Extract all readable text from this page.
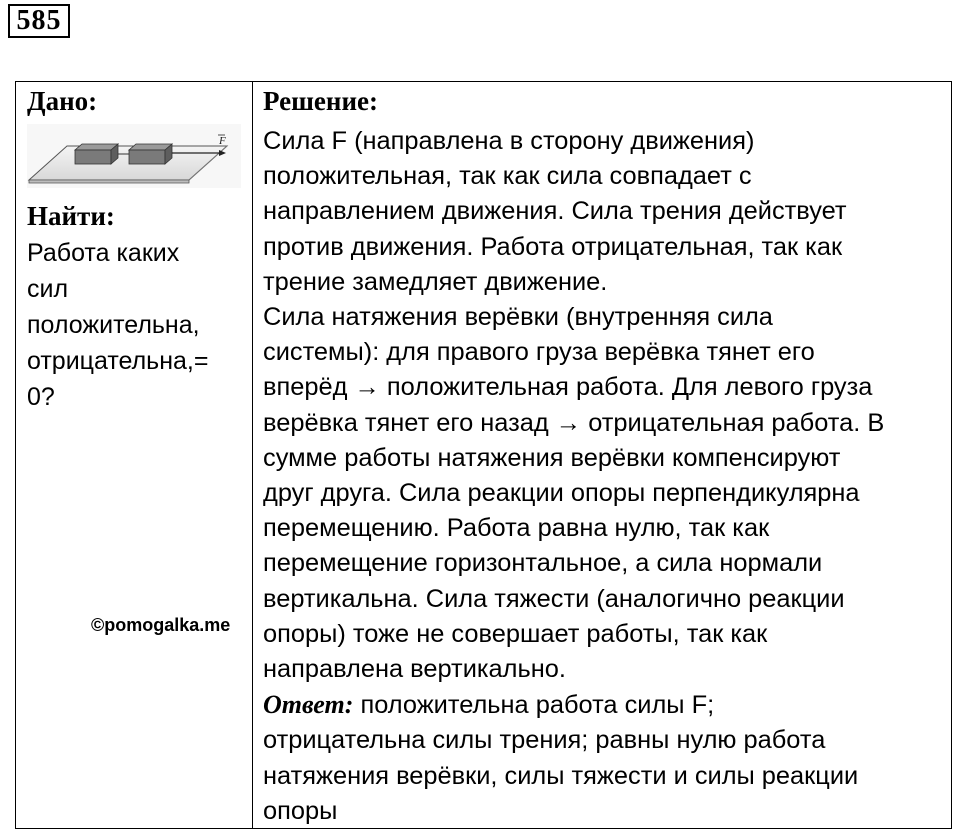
585
Дано:
F
Найти:
Работа каких
сил
положительна,
отрицательна,=
0?
Решение:
Сила F (направлена в сторону движения)
положительная, так как сила совпадает с
направлением движения. Сила трения действует
против движения. Работа отрицательная, так как
трение замедляет движение.
Сила натяжения верёвки (внутренняя сила
системы): для правого груза верёвка тянет его
вперёд → положительная работа. Для левого груза
верёвка тянет его назад → отрицательная работа. В
сумме работы натяжения верёвки компенсируют
друг друга. Сила реакции опоры перпендикулярна
перемещению. Работа равна нулю, так как
перемещение горизонтальное, а сила нормали
вертикальна. Сила тяжести (аналогично реакции
опоры) тоже не совершает работы, так как
направлена вертикально.
Ответ: положительна работа силы F;
отрицательна силы трения; равны нулю работа
натяжения верёвки, силы тяжести и силы реакции
опоры
©pomogalka.me
